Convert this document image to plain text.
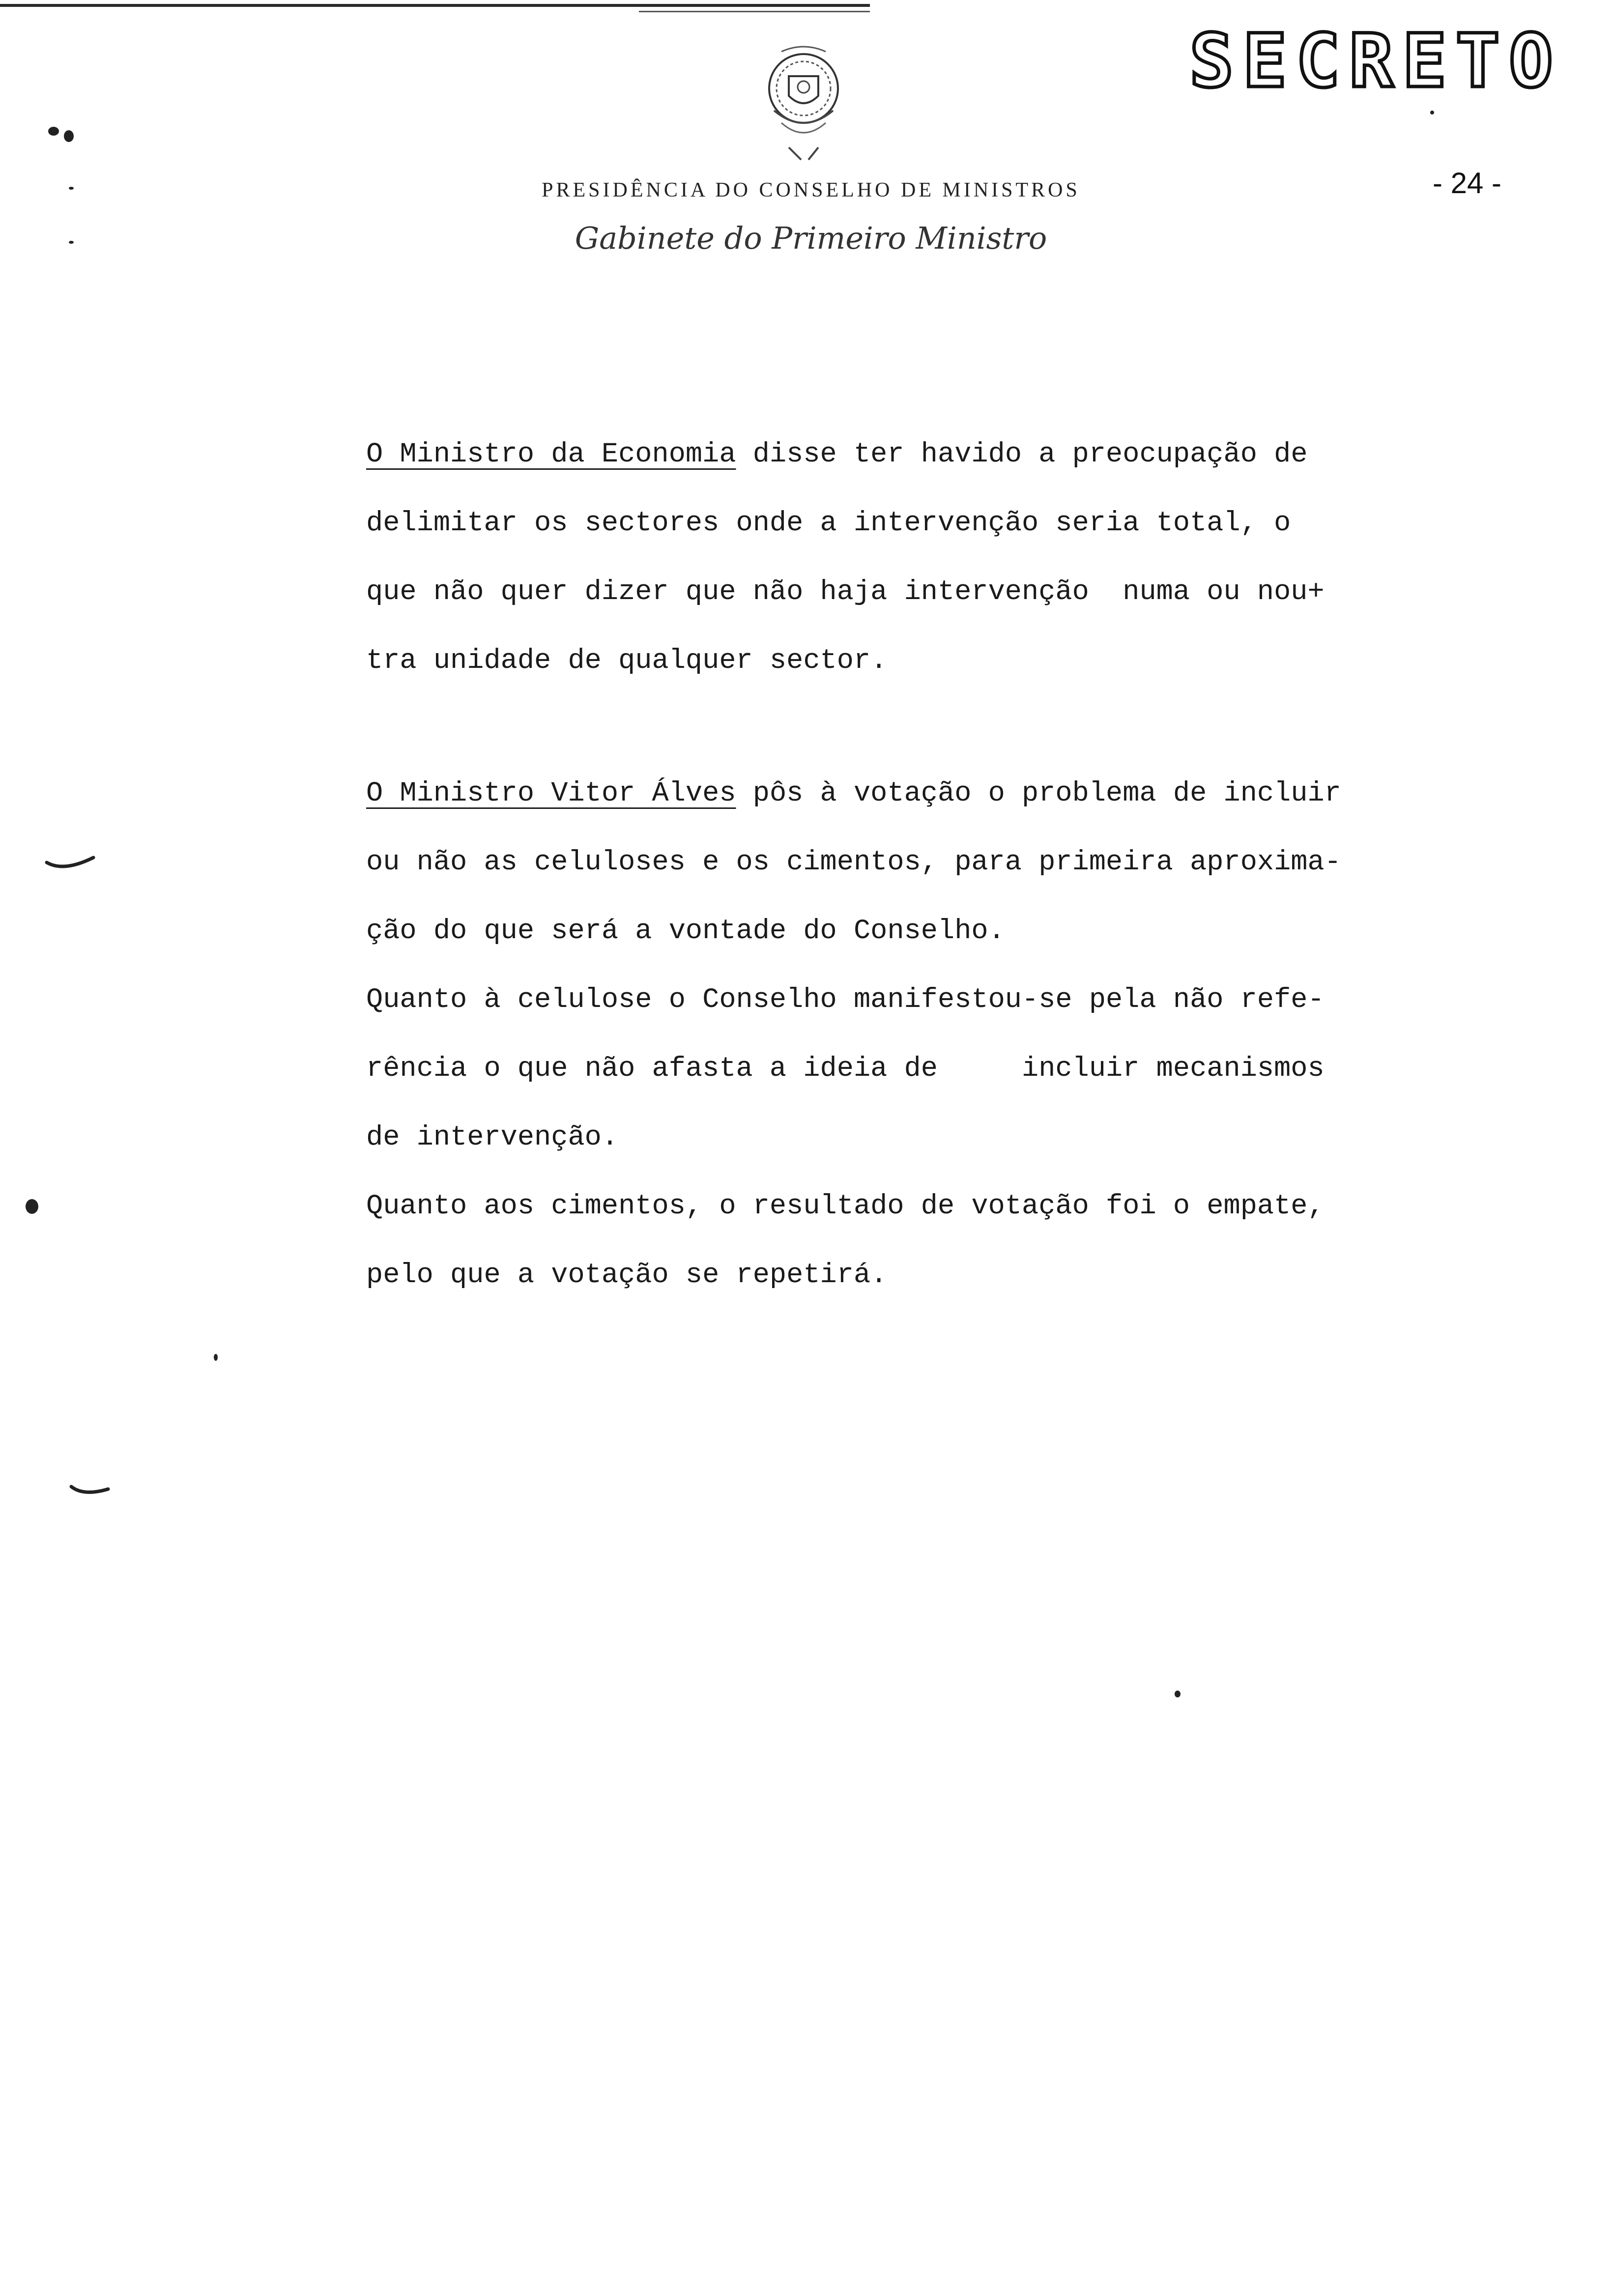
SECRETO
- 24 -
PRESIDÊNCIA DO CONSELHO DE MINISTROS
Gabinete do Primeiro Ministro
O Ministro da Economia disse ter havido a preocupação de
delimitar os sectores onde a intervenção seria total, o
que não quer dizer que não haja intervenção  numa ou nou+
tra unidade de qualquer sector.
O Ministro Vitor Álves pôs à votação o problema de incluir
ou não as celuloses e os cimentos, para primeira aproxima-
ção do que será a vontade do Conselho.
Quanto à celulose o Conselho manifestou-se pela não refe-
rência o que não afasta a ideia de     incluir mecanismos
de intervenção.
Quanto aos cimentos, o resultado de votação foi o empate,
pelo que a votação se repetirá.
